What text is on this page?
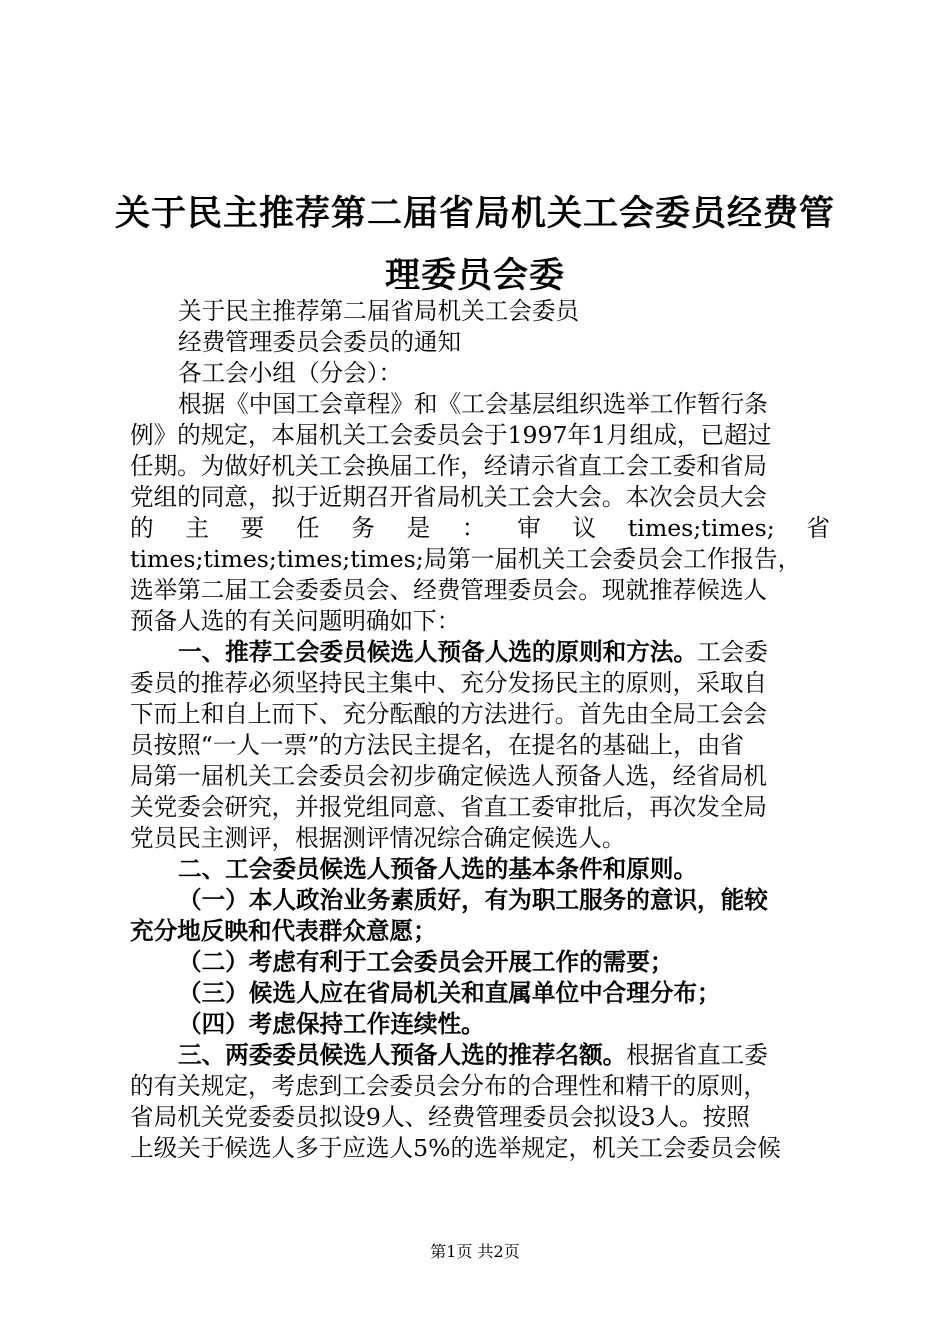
关于民主推荐第二届省局机关工会委员经费管
理委员会委
关于民主推荐第二届省局机关工会委员
经费管理委员会委员的通知
各工会小组（分会）：
根据《中国工会章程》和《工会基层组织选举工作暂行条
例》的规定，本届机关工会委员会于1997年1月组成，已超过
任期。为做好机关工会换届工作，经请示省直工会工委和省局
党组的同意，拟于近期召开省局机关工会大会。本次会员大会
的 主 要 任 务 是 ： 审 议 times;times; 省
times;times;times;times;局第一届机关工会委员会工作报告，
选举第二届工会委委员会、经费管理委员会。现就推荐候选人
预备人选的有关问题明确如下：
一、推荐工会委员候选人预备人选的原则和方法。工会委
委员的推荐必须坚持民主集中、充分发扬民主的原则，采取自
下而上和自上而下、充分酝酿的方法进行。首先由全局工会会
员按照“一人一票”的方法民主提名，在提名的基础上，由省
局第一届机关工会委员会初步确定候选人预备人选，经省局机
关党委会研究，并报党组同意、省直工委审批后，再次发全局
党员民主测评，根据测评情况综合确定候选人。
二、工会委员候选人预备人选的基本条件和原则。
（一）本人政治业务素质好，有为职工服务的意识，能较
充分地反映和代表群众意愿；
（二）考虑有利于工会委员会开展工作的需要；
（三）候选人应在省局机关和直属单位中合理分布；
（四）考虑保持工作连续性。
三、两委委员候选人预备人选的推荐名额。根据省直工委
的有关规定，考虑到工会委员会分布的合理性和精干的原则，
省局机关党委委员拟设9人、经费管理委员会拟设3人。按照
上级关于候选人多于应选人5%的选举规定，机关工会委员会候
第1页 共2页
